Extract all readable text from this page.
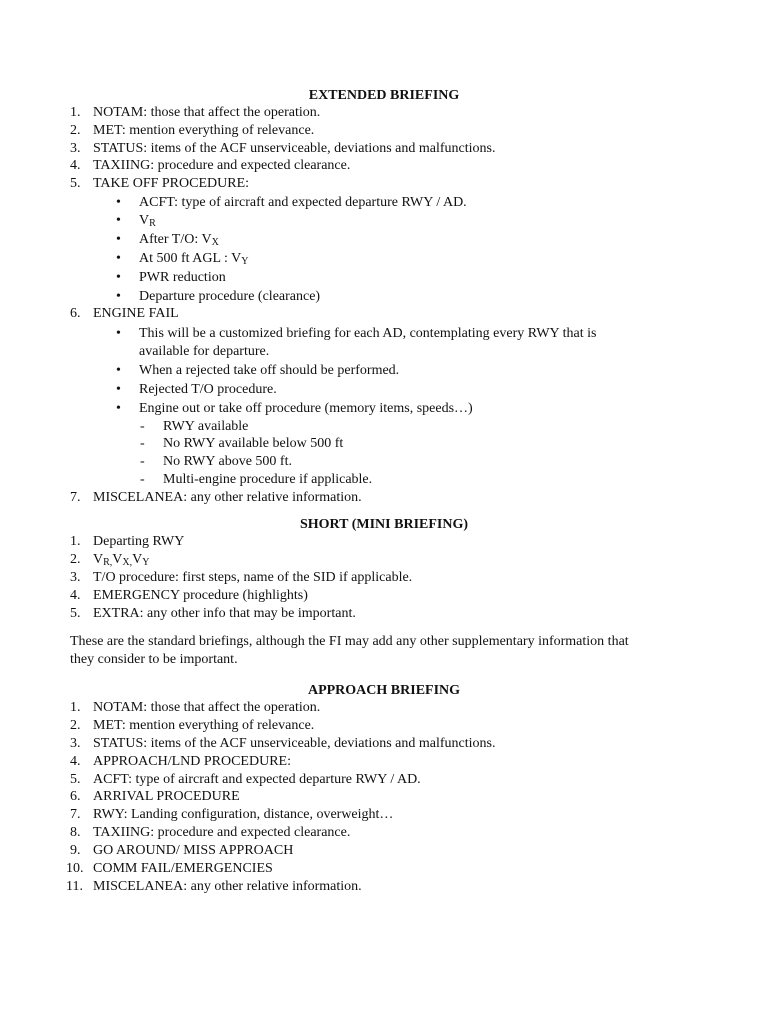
EXTENDED BRIEFING
1. NOTAM: those that affect the operation.
2. MET: mention everything of relevance.
3. STATUS: items of the ACF unserviceable, deviations and malfunctions.
4. TAXIING: procedure and expected clearance.
5. TAKE OFF PROCEDURE:
• ACFT: type of aircraft and expected departure RWY / AD.
• $V_R$
• After T/O: $V_X$
• At 500 ft AGL : $V_Y$
• PWR reduction
• Departure procedure (clearance)
6. ENGINE FAIL
• This will be a customized briefing for each AD, contemplating every RWY that is
available for departure.
• When a rejected take off should be performed.
• Rejected T/O procedure.
• Engine out or take off procedure (memory items, speeds…)
- RWY available
- No RWY available below 500 ft
- No RWY above 500 ft.
- Multi-engine procedure if applicable.
7. MISCELANEA: any other relative information.
SHORT (MINI BRIEFING)
1. Departing RWY
2. $V_{R,}V_{X,}V_Y$
3. T/O procedure: first steps, name of the SID if applicable.
4. EMERGENCY procedure (highlights)
5. EXTRA: any other info that may be important.
These are the standard briefings, although the FI may add any other supplementary information that
they consider to be important.
APPROACH BRIEFING
1. NOTAM: those that affect the operation.
2. MET: mention everything of relevance.
3. STATUS: items of the ACF unserviceable, deviations and malfunctions.
4. APPROACH/LND PROCEDURE:
5. ACFT: type of aircraft and expected departure RWY / AD.
6. ARRIVAL PROCEDURE
7. RWY: Landing configuration, distance, overweight…
8. TAXIING: procedure and expected clearance.
9. GO AROUND/ MISS APPROACH
10. COMM FAIL/EMERGENCIES
11. MISCELANEA: any other relative information.
